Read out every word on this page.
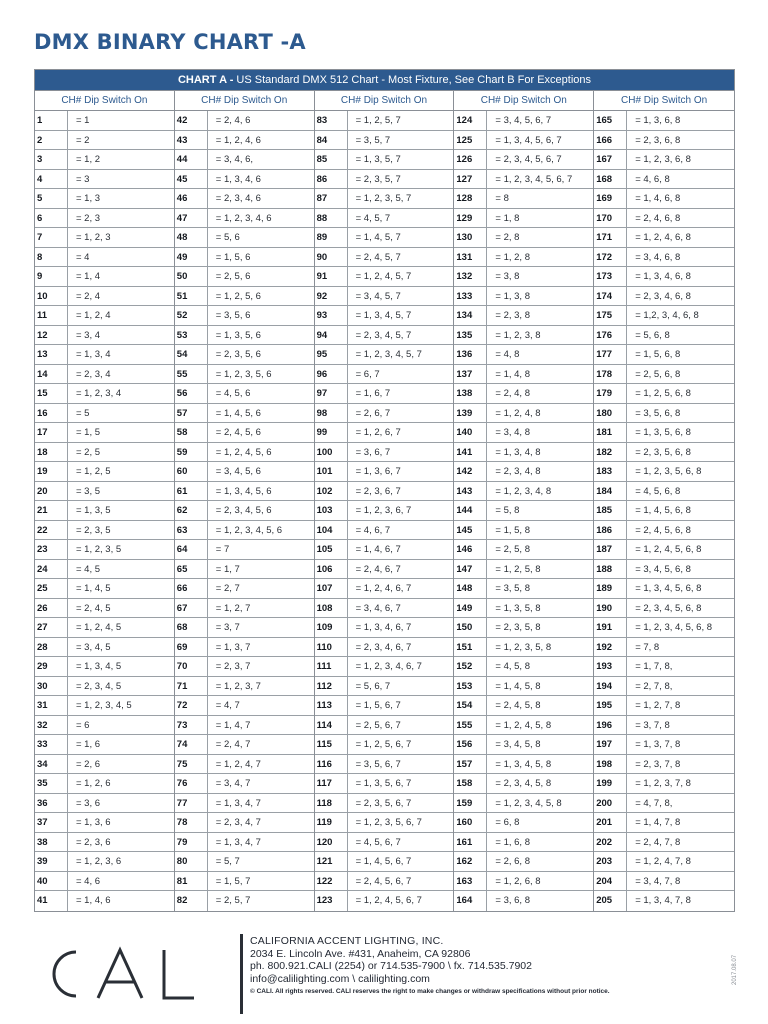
DMX BINARY CHART -A
CHART A - US Standard DMX 512 Chart - Most Fixture, See Chart B For Exceptions
CH# Dip Switch On
1	= 1
2	= 2
3	= 1, 2
4	= 3
5	= 1, 3
6	= 2, 3
7	= 1, 2, 3
8	= 4
9	= 1, 4
10	= 2, 4
11	= 1, 2, 4
12	= 3, 4
13	= 1, 3, 4
14	= 2, 3, 4
15	= 1, 2, 3, 4
16	= 5
17	= 1, 5
18	= 2, 5
19	= 1, 2, 5
20	= 3, 5
21	= 1, 3, 5
22	= 2, 3, 5
23	= 1, 2, 3, 5
24	= 4, 5
25	= 1, 4, 5
26	= 2, 4, 5
27	= 1, 2, 4, 5
28	= 3, 4, 5
29	= 1, 3, 4, 5
30	= 2, 3, 4, 5
31	= 1, 2, 3, 4, 5
32	= 6
33	= 1, 6
34	= 2, 6
35	= 1, 2, 6
36	= 3, 6
37	= 1, 3, 6
38	= 2, 3, 6
39	= 1, 2, 3, 6
40	= 4, 6
41	= 1, 4, 6
CH# Dip Switch On
42	= 2, 4, 6
43	= 1, 2, 4, 6
44	= 3, 4, 6,
45	= 1, 3, 4, 6
46	= 2, 3, 4, 6
47	= 1, 2, 3, 4, 6
48	= 5, 6
49	= 1, 5, 6
50	= 2, 5, 6
51	= 1, 2, 5, 6
52	= 3, 5, 6
53	= 1, 3, 5, 6
54	= 2, 3, 5, 6
55	= 1, 2, 3, 5, 6
56	= 4, 5, 6
57	= 1, 4, 5, 6
58	= 2, 4, 5, 6
59	= 1, 2, 4, 5, 6
60	= 3, 4, 5, 6
61	= 1, 3, 4, 5, 6
62	= 2, 3, 4, 5, 6
63	= 1, 2, 3, 4, 5, 6
64	= 7
65	= 1, 7
66	= 2, 7
67	= 1, 2, 7
68	= 3, 7
69	= 1, 3, 7
70	= 2, 3, 7
71	= 1, 2, 3, 7
72	= 4, 7
73	= 1, 4, 7
74	= 2, 4, 7
75	= 1, 2, 4, 7
76	= 3, 4, 7
77	= 1, 3, 4, 7
78	= 2, 3, 4, 7
79	= 1, 3, 4, 7
80	= 5, 7
81	= 1, 5, 7
82	= 2, 5, 7
CH# Dip Switch On
83	= 1, 2, 5, 7
84	= 3, 5, 7
85	= 1, 3, 5, 7
86	= 2, 3, 5, 7
87	= 1, 2, 3, 5, 7
88	= 4, 5, 7
89	= 1, 4, 5, 7
90	= 2, 4, 5, 7
91	= 1, 2, 4, 5, 7
92	= 3, 4, 5, 7
93	= 1, 3, 4, 5, 7
94	= 2, 3, 4, 5, 7
95	= 1, 2, 3, 4, 5, 7
96	= 6, 7
97	= 1, 6, 7
98	= 2, 6, 7
99	= 1, 2, 6, 7
100	= 3, 6, 7
101	= 1, 3, 6, 7
102	= 2, 3, 6, 7
103	= 1, 2, 3, 6, 7
104	= 4, 6, 7
105	= 1, 4, 6, 7
106	= 2, 4, 6, 7
107	= 1, 2, 4, 6, 7
108	= 3, 4, 6, 7
109	= 1, 3, 4, 6, 7
110	= 2, 3, 4, 6, 7
111	= 1, 2, 3, 4, 6, 7
112	= 5, 6, 7
113	= 1, 5, 6, 7
114	= 2, 5, 6, 7
115	= 1, 2, 5, 6, 7
116	= 3, 5, 6, 7
117	= 1, 3, 5, 6, 7
118	= 2, 3, 5, 6, 7
119	= 1, 2, 3, 5, 6, 7
120	= 4, 5, 6, 7
121	= 1, 4, 5, 6, 7
122	= 2, 4, 5, 6, 7
123	= 1, 2, 4, 5, 6, 7
CH# Dip Switch On
124	= 3, 4, 5, 6, 7
125	= 1, 3, 4, 5, 6, 7
126	= 2, 3, 4, 5, 6, 7
127	= 1, 2, 3, 4, 5, 6, 7
128	= 8
129	= 1, 8
130	= 2, 8
131	= 1, 2, 8
132	= 3, 8
133	= 1, 3, 8
134	= 2, 3, 8
135	= 1, 2, 3, 8
136	= 4, 8
137	= 1, 4, 8
138	= 2, 4, 8
139	= 1, 2, 4, 8
140	= 3, 4, 8
141	= 1, 3, 4, 8
142	= 2, 3, 4, 8
143	= 1, 2, 3, 4, 8
144	= 5, 8
145	= 1, 5, 8
146	= 2, 5, 8
147	= 1, 2, 5, 8
148	= 3, 5, 8
149	= 1, 3, 5, 8
150	= 2, 3, 5, 8
151	= 1, 2, 3, 5, 8
152	= 4, 5, 8
153	= 1, 4, 5, 8
154	= 2, 4, 5, 8
155	= 1, 2, 4, 5, 8
156	= 3, 4, 5, 8
157	= 1, 3, 4, 5, 8
158	= 2, 3, 4, 5, 8
159	= 1, 2, 3, 4, 5, 8
160	= 6, 8
161	= 1, 6, 8
162	= 2, 6, 8
163	= 1, 2, 6, 8
164	= 3, 6, 8
CH# Dip Switch On
165	= 1, 3, 6, 8
166	= 2, 3, 6, 8
167	= 1, 2, 3, 6, 8
168	= 4, 6, 8
169	= 1, 4, 6, 8
170	= 2, 4, 6, 8
171	= 1, 2, 4, 6, 8
172	= 3, 4, 6, 8
173	= 1, 3, 4, 6, 8
174	= 2, 3, 4, 6, 8
175	= 1,2, 3, 4, 6, 8
176	= 5, 6, 8
177	= 1, 5, 6, 8
178	= 2, 5, 6, 8
179	= 1, 2, 5, 6, 8
180	= 3, 5, 6, 8
181	= 1, 3, 5, 6, 8
182	= 2, 3, 5, 6, 8
183	= 1, 2, 3, 5, 6, 8
184	= 4, 5, 6, 8
185	= 1, 4, 5, 6, 8
186	= 2, 4, 5, 6, 8
187	= 1, 2, 4, 5, 6, 8
188	= 3, 4, 5, 6, 8
189	= 1, 3, 4, 5, 6, 8
190	= 2, 3, 4, 5, 6, 8
191	= 1, 2, 3, 4, 5, 6, 8
192	= 7, 8
193	= 1, 7, 8,
194	= 2, 7, 8,
195	= 1, 2, 7, 8
196	= 3, 7, 8
197	= 1, 3, 7, 8
198	= 2, 3, 7, 8
199	= 1, 2, 3, 7, 8
200	= 4, 7, 8,
201	= 1, 4, 7, 8
202	= 2, 4, 7, 8
203	= 1, 2, 4, 7, 8
204	= 3, 4, 7, 8
205	= 1, 3, 4, 7, 8
CALIFORNIA ACCENT LIGHTING, INC.
2034 E. Lincoln Ave. #431, Anaheim, CA 92806
ph. 800.921.CALI (2254) or 714.535-7900 \ fx. 714.535.7902
info@calilighting.com \ calilighting.com
© CALI. All rights reserved. CALI reserves the right to make changes or withdraw specifications without prior notice.
2017.08.07
